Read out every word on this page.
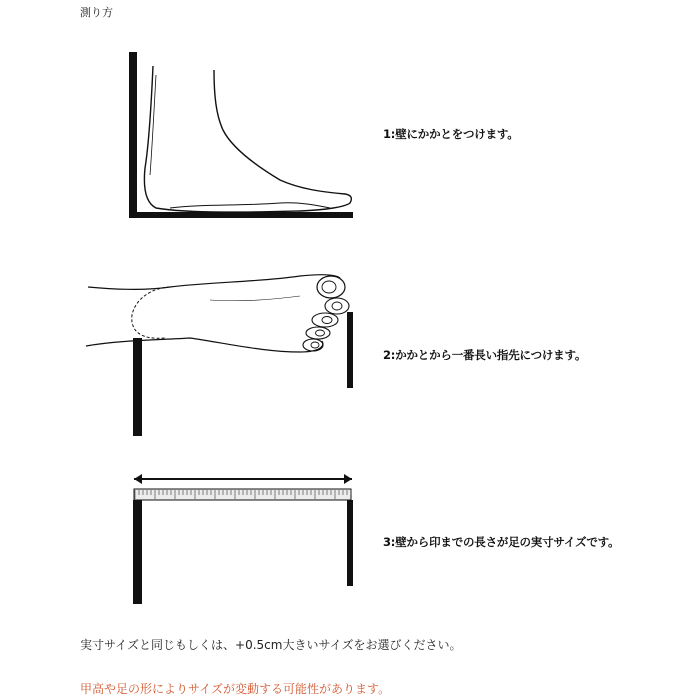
測り方
1:壁にかかとをつけます。
2:かかとから一番長い指先につけます。
3:壁から印までの長さが足の実寸サイズです。
実寸サイズと同じもしくは、+0.5cm大きいサイズをお選びください。
甲高や足の形によりサイズが変動する可能性があります。
